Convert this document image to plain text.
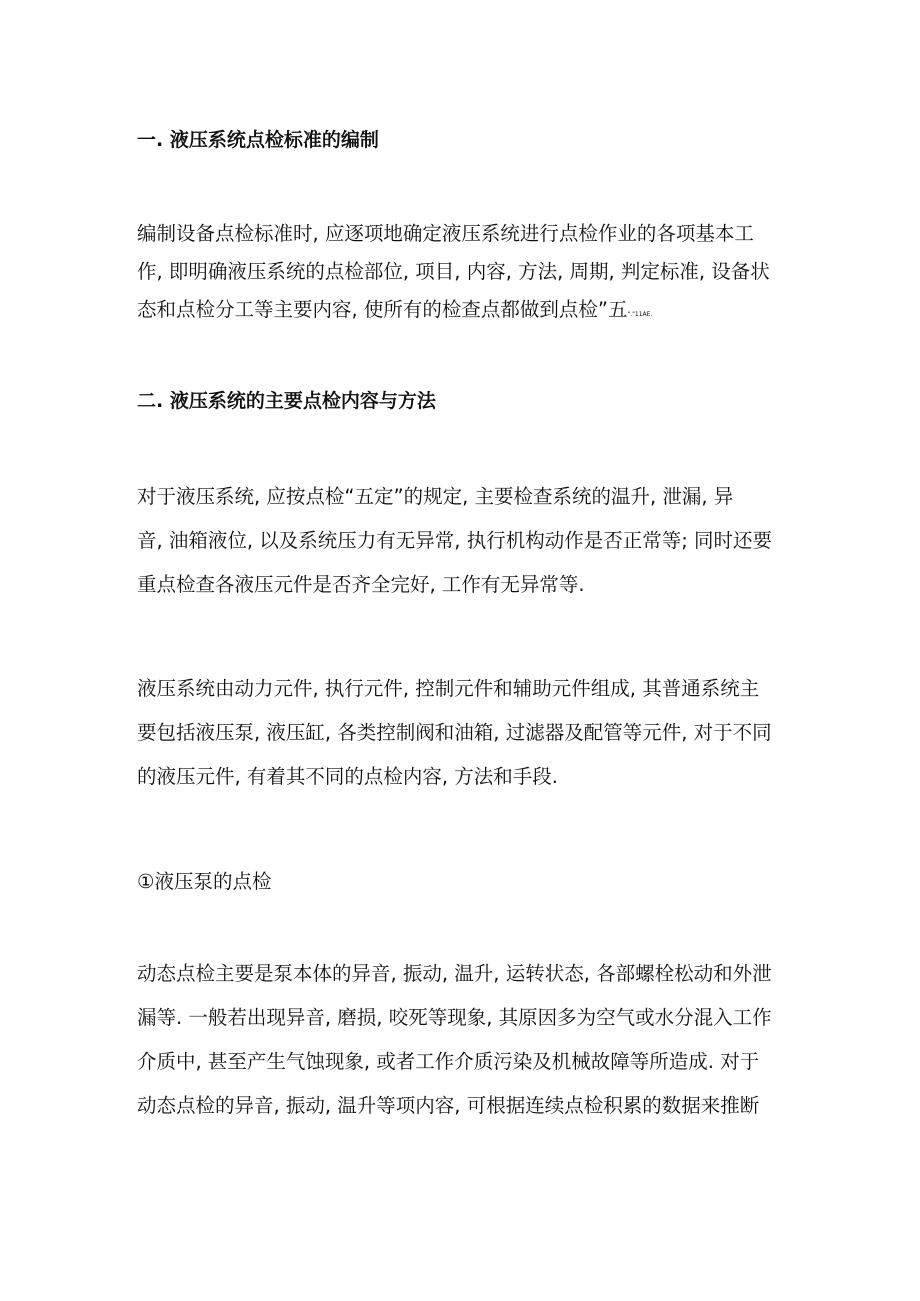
一. 液压系统点检标准的编制
编制设备点检标准时, 应逐项地确定液压系统进行点检作业的各项基本工
作, 即明确液压系统的点检部位, 项目, 内容, 方法, 周期, 判定标准, 设备状
态和点检分工等主要内容, 使所有的检查点都做到点检”五"."11AE.
二. 液压系统的主要点检内容与方法
对于液压系统, 应按点检“五定”的规定, 主要检查系统的温升, 泄漏, 异
音, 油箱液位, 以及系统压力有无异常, 执行机构动作是否正常等; 同时还要
重点检查各液压元件是否齐全完好, 工作有无异常等.
液压系统由动力元件, 执行元件, 控制元件和辅助元件组成, 其普通系统主
要包括液压泵, 液压缸, 各类控制阀和油箱, 过滤器及配管等元件, 对于不同
的液压元件, 有着其不同的点检内容, 方法和手段.
①液压泵的点检
动态点检主要是泵本体的异音, 振动, 温升, 运转状态, 各部螺栓松动和外泄
漏等. 一般若出现异音, 磨损, 咬死等现象, 其原因多为空气或水分混入工作
介质中, 甚至产生气蚀现象, 或者工作介质污染及机械故障等所造成. 对于
动态点检的异音, 振动, 温升等项内容, 可根据连续点检积累的数据来推断
